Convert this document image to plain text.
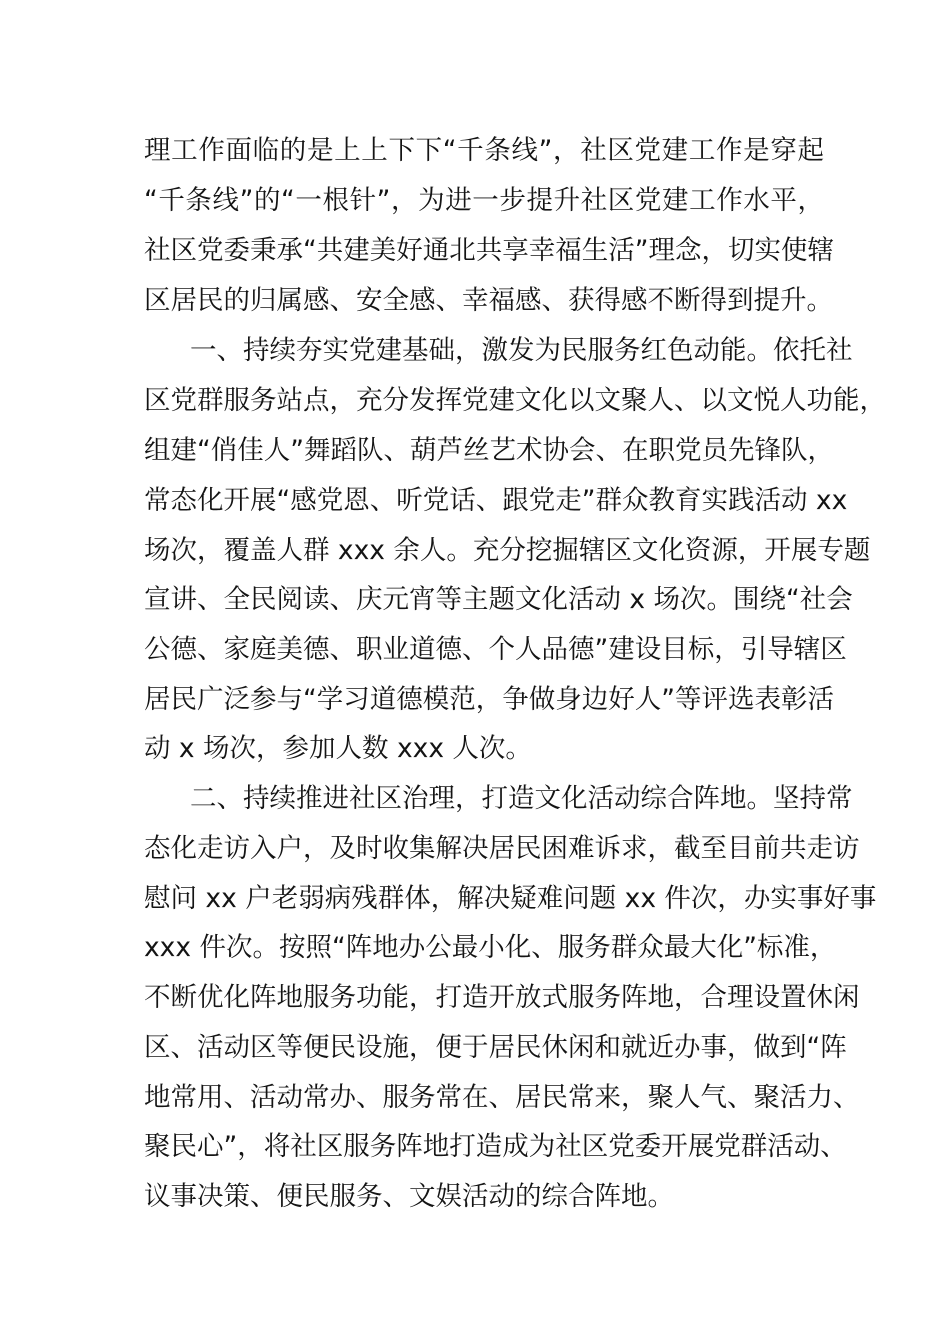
理工作面临的是上上下下“千条线”，社区党建工作是穿起
“千条线”的“一根针”，为进一步提升社区党建工作水平，
社区党委秉承“共建美好通北共享幸福生活”理念，切实使辖
区居民的归属感、安全感、幸福感、获得感不断得到提升。
一、持续夯实党建基础，激发为民服务红色动能。依托社
区党群服务站点，充分发挥党建文化以文聚人、以文悦人功能，
组建“俏佳人”舞蹈队、葫芦丝艺术协会、在职党员先锋队，
常态化开展“感党恩、听党话、跟党走”群众教育实践活动 xx
场次，覆盖人群 xxx 余人。充分挖掘辖区文化资源，开展专题
宣讲、全民阅读、庆元宵等主题文化活动 x 场次。围绕“社会
公德、家庭美德、职业道德、个人品德”建设目标，引导辖区
居民广泛参与“学习道德模范，争做身边好人”等评选表彰活
动 x 场次，参加人数 xxx 人次。
二、持续推进社区治理，打造文化活动综合阵地。坚持常
态化走访入户，及时收集解决居民困难诉求，截至目前共走访
慰问 xx 户老弱病残群体，解决疑难问题 xx 件次，办实事好事
xxx 件次。按照“阵地办公最小化、服务群众最大化”标准，
不断优化阵地服务功能，打造开放式服务阵地，合理设置休闲
区、活动区等便民设施，便于居民休闲和就近办事，做到“阵
地常用、活动常办、服务常在、居民常来，聚人气、聚活力、
聚民心”，将社区服务阵地打造成为社区党委开展党群活动、
议事决策、便民服务、文娱活动的综合阵地。
